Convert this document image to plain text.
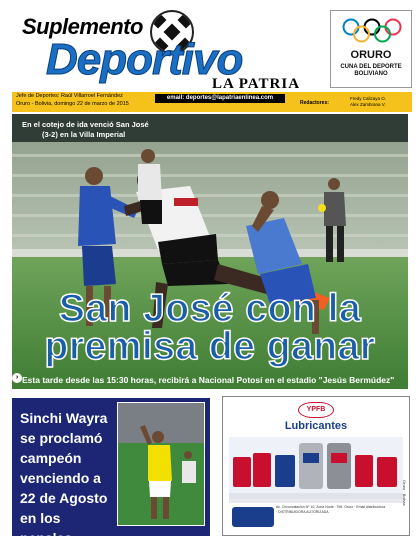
Suplemento
Deportivo
LA PATRIA
ORURO
CUNA DEL DEPORTE BOLIVIANO
Jefe de Deportes: Raúl Villarroel Fernández
Oruro - Bolivia, domingo 22 de marzo de 2015
email: deportes@lapatriaenlinea.com
Redactores:
Fredy Calizaya O.
Alex Zambrana V.
En el cotejo de ida venció San José
(3-2) en la Villa Imperial
San José con la
premisa de ganar
› Esta tarde desde las 15:30 horas, recibirá a Nacional Potosí en el estadio "Jesús Bermúdez"
Sinchi Wayra se proclamó campeón venciendo a 22 de Agosto en los penales
YPFB
Lubricantes
Av. Circunvalación Nº 10, Zona Norte · Telf. Oruro · Email distribuidora · DISTRIBUIDORA AUTORIZADA
Oruro · Bolivia
